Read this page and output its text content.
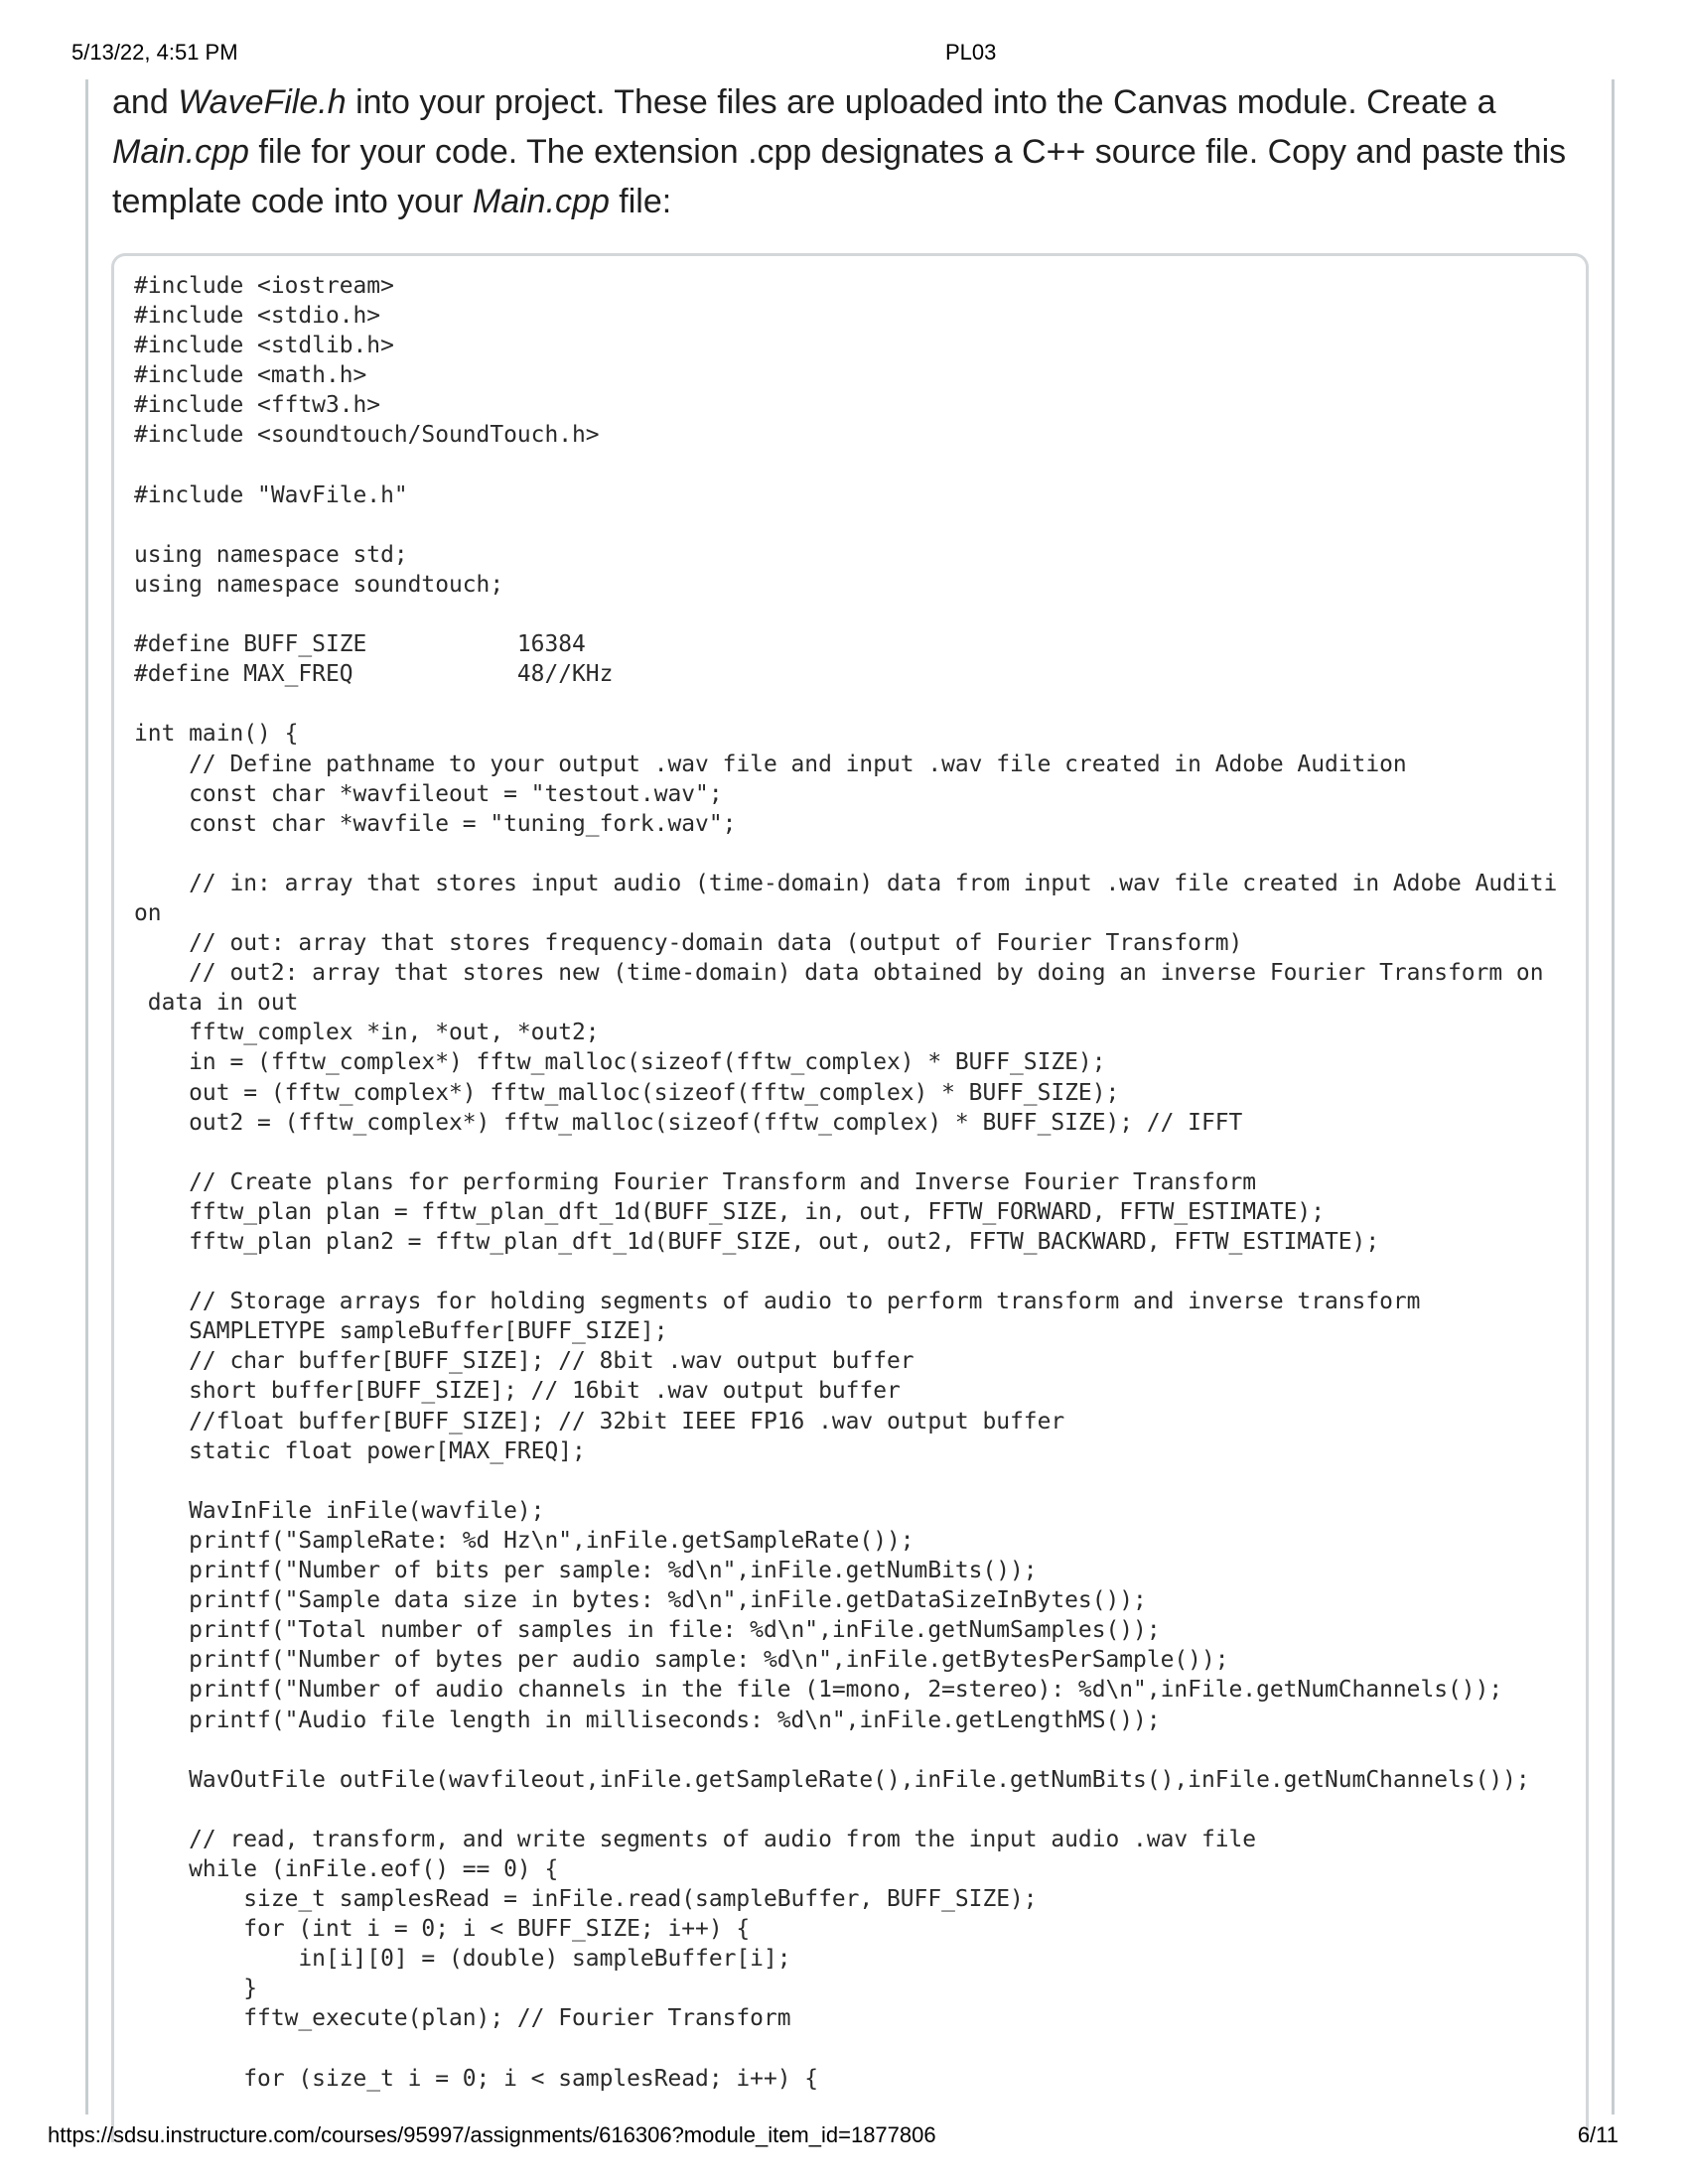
5/13/22, 4:51 PM	PL03

and WaveFile.h into your project. These files are uploaded into the Canvas module. Create a

Main.cpp file for your code. The extension .cpp designates a C++ source file. Copy and paste this

template code into your Main.cpp file:

#include <iostream>
#include <stdio.h>
#include <stdlib.h>
#include <math.h>
#include <fftw3.h>
#include <soundtouch/SoundTouch.h>

#include "WavFile.h"

using namespace std;
using namespace soundtouch;

#define BUFF_SIZE           16384
#define MAX_FREQ            48//KHz

int main() {
// Define pathname to your output .wav file and input .wav file created in Adobe Audition
const char *wavfileout = "testout.wav";
const char *wavfile = "tuning_fork.wav";

// in: array that stores input audio (time-domain) data from input .wav file created in Adobe Auditi
on
// out: array that stores frequency-domain data (output of Fourier Transform)
// out2: array that stores new (time-domain) data obtained by doing an inverse Fourier Transform on
data in out
fftw_complex *in, *out, *out2;
in = (fftw_complex*) fftw_malloc(sizeof(fftw_complex) * BUFF_SIZE);
out = (fftw_complex*) fftw_malloc(sizeof(fftw_complex) * BUFF_SIZE);
out2 = (fftw_complex*) fftw_malloc(sizeof(fftw_complex) * BUFF_SIZE); // IFFT

// Create plans for performing Fourier Transform and Inverse Fourier Transform
fftw_plan plan = fftw_plan_dft_1d(BUFF_SIZE, in, out, FFTW_FORWARD, FFTW_ESTIMATE);
fftw_plan plan2 = fftw_plan_dft_1d(BUFF_SIZE, out, out2, FFTW_BACKWARD, FFTW_ESTIMATE);

// Storage arrays for holding segments of audio to perform transform and inverse transform
SAMPLETYPE sampleBuffer[BUFF_SIZE];
// char buffer[BUFF_SIZE]; // 8bit .wav output buffer
short buffer[BUFF_SIZE]; // 16bit .wav output buffer
//float buffer[BUFF_SIZE]; // 32bit IEEE FP16 .wav output buffer
static float power[MAX_FREQ];

WavInFile inFile(wavfile);
printf("SampleRate: %d Hz\n",inFile.getSampleRate());
printf("Number of bits per sample: %d\n",inFile.getNumBits());
printf("Sample data size in bytes: %d\n",inFile.getDataSizeInBytes());
printf("Total number of samples in file: %d\n",inFile.getNumSamples());
printf("Number of bytes per audio sample: %d\n",inFile.getBytesPerSample());
printf("Number of audio channels in the file (1=mono, 2=stereo): %d\n",inFile.getNumChannels());
printf("Audio file length in milliseconds: %d\n",inFile.getLengthMS());

WavOutFile outFile(wavfileout,inFile.getSampleRate(),inFile.getNumBits(),inFile.getNumChannels());

// read, transform, and write segments of audio from the input audio .wav file
while (inFile.eof() == 0) {
size_t samplesRead = inFile.read(sampleBuffer, BUFF_SIZE);
for (int i = 0; i < BUFF_SIZE; i++) {
in[i][0] = (double) sampleBuffer[i];
}
fftw_execute(plan); // Fourier Transform

for (size_t i = 0; i < samplesRead; i++) {
https://sdsu.instructure.com/courses/95997/assignments/616306?module_item_id=1877806	6/11
